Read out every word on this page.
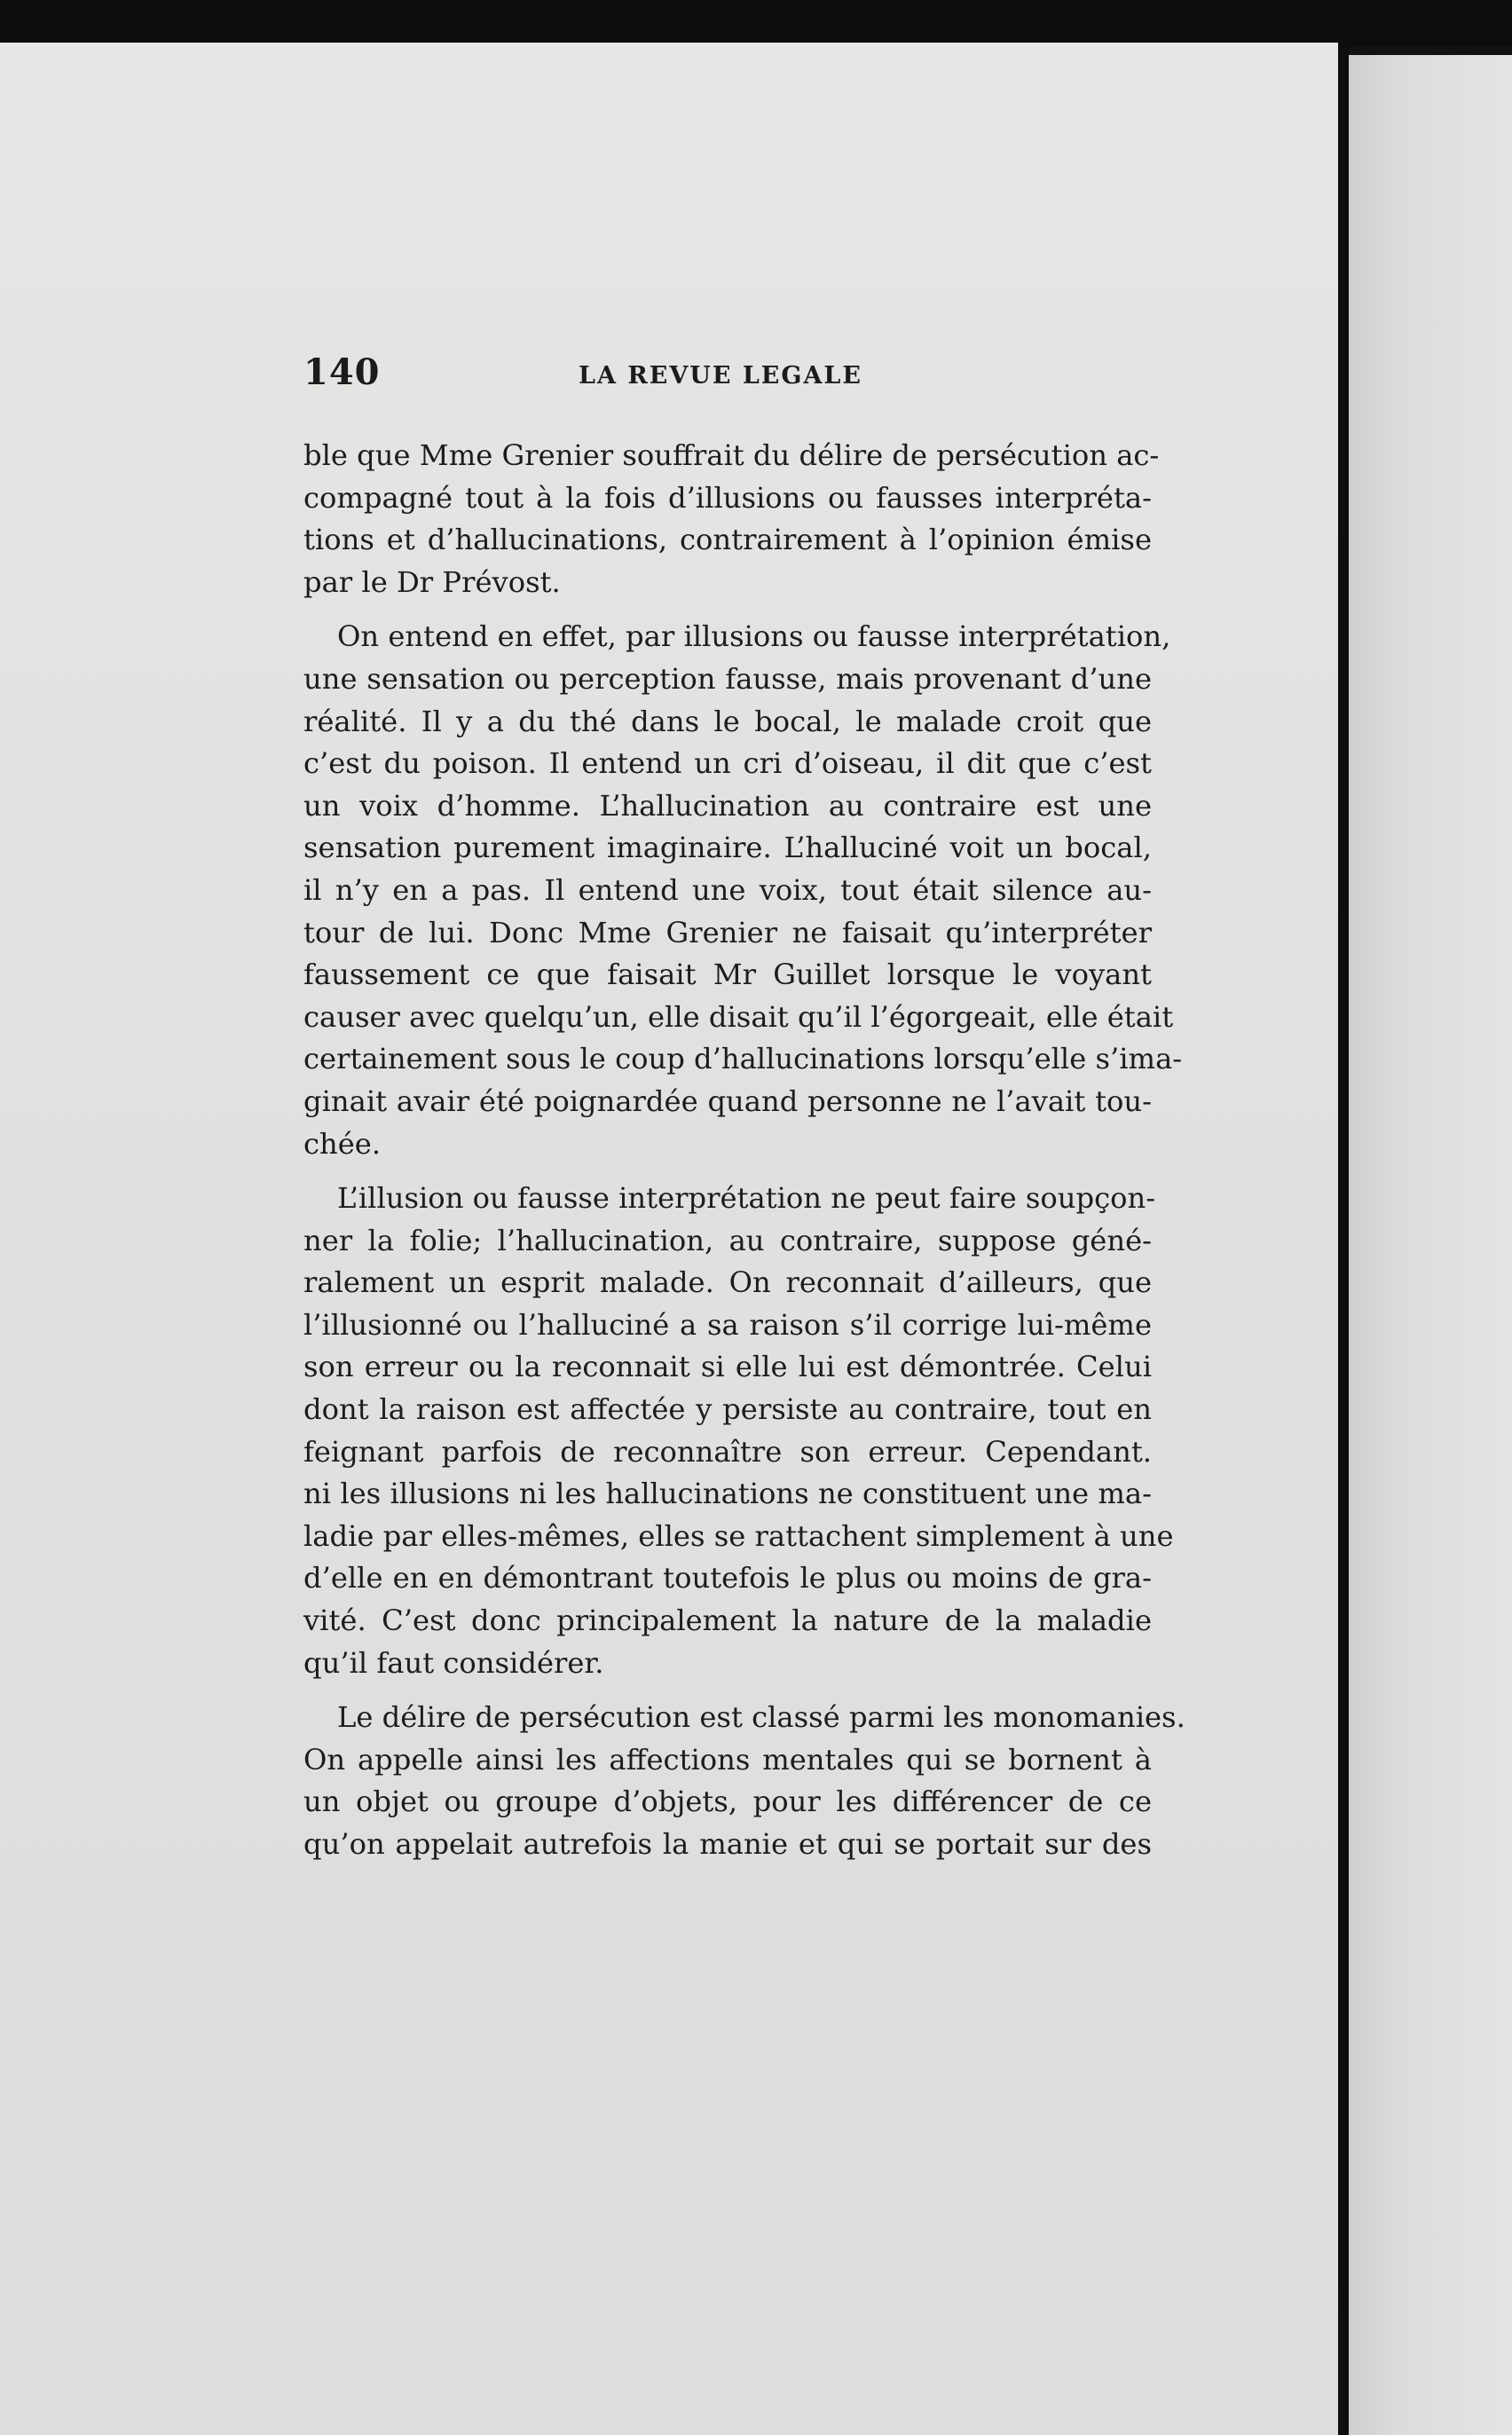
140	LA REVUE LEGALE

ble que Mme Grenier souffrait du délire de persécution ac-
compagné tout à la fois d’illusions ou fausses interpréta-
tions et d’hallucinations, contrairement à l’opinion émise
par le Dr Prévost.

On entend en effet, par illusions ou fausse interprétation,
une sensation ou perception fausse, mais provenant d’une
réalité. Il y a du thé dans le bocal, le malade croit que
c’est du poison. Il entend un cri d’oiseau, il dit que c’est
un voix d’homme. L’hallucination au contraire est une
sensation purement imaginaire. L’halluciné voit un bocal,
il n’y en a pas. Il entend une voix, tout était silence au-
tour de lui. Donc Mme Grenier ne faisait qu’interpréter
faussement ce que faisait Mr Guillet lorsque le voyant
causer avec quelqu’un, elle disait qu’il l’égorgeait, elle était
certainement sous le coup d’hallucinations lorsqu’elle s’ima-
ginait avair été poignardée quand personne ne l’avait tou-
chée.

L’illusion ou fausse interprétation ne peut faire soupçon-
ner la folie; l’hallucination, au contraire, suppose géné-
ralement un esprit malade. On reconnait d’ailleurs, que
l’illusionné ou l’halluciné a sa raison s’il corrige lui-même
son erreur ou la reconnait si elle lui est démontrée. Celui
dont la raison est affectée y persiste au contraire, tout en
feignant parfois de reconnaître son erreur. Cependant.
ni les illusions ni les hallucinations ne constituent une ma-
ladie par elles-mêmes, elles se rattachent simplement à une
d’elle en en démontrant toutefois le plus ou moins de gra-
vité. C’est donc principalement la nature de la maladie
qu’il faut considérer.

Le délire de persécution est classé parmi les monomanies.
On appelle ainsi les affections mentales qui se bornent à
un objet ou groupe d’objets, pour les différencer de ce
qu’on appelait autrefois la manie et qui se portait sur des
